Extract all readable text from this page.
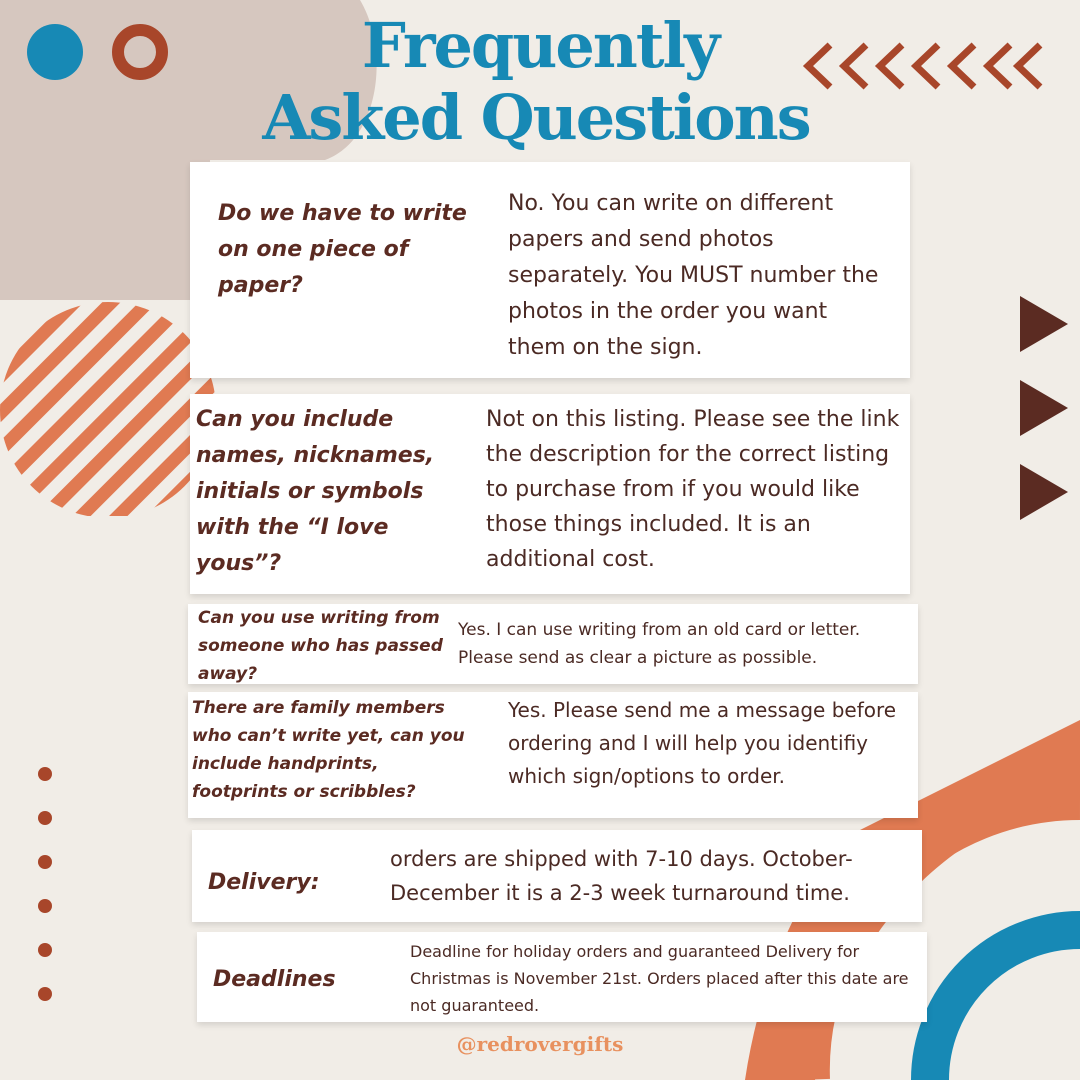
Frequently
Asked Questions
Do we have to write on one piece of paper?
No. You can write on different papers and send photos separately. You MUST number the photos in the order you want them on the sign.
Can you include names, nicknames, initials or symbols with the “I love yous”?
Not on this listing. Please see the link the description for the correct listing to purchase from if you would like those things included. It is an additional cost.
Can you use writing from someone who has passed away?
Yes. I can use writing from an old card or letter. Please send as clear a picture as possible.
There are family members who can’t write yet, can you include handprints, footprints or scribbles?
Yes. Please send me a message before ordering and I will help you identifiy which sign/options to order.
Delivery:
orders are shipped with 7-10 days. October-December it is a 2-3 week turnaround time.
Deadlines
Deadline for holiday orders and guaranteed Delivery for Christmas is November 21st. Orders placed after this date are not guaranteed.
@redrovergifts
